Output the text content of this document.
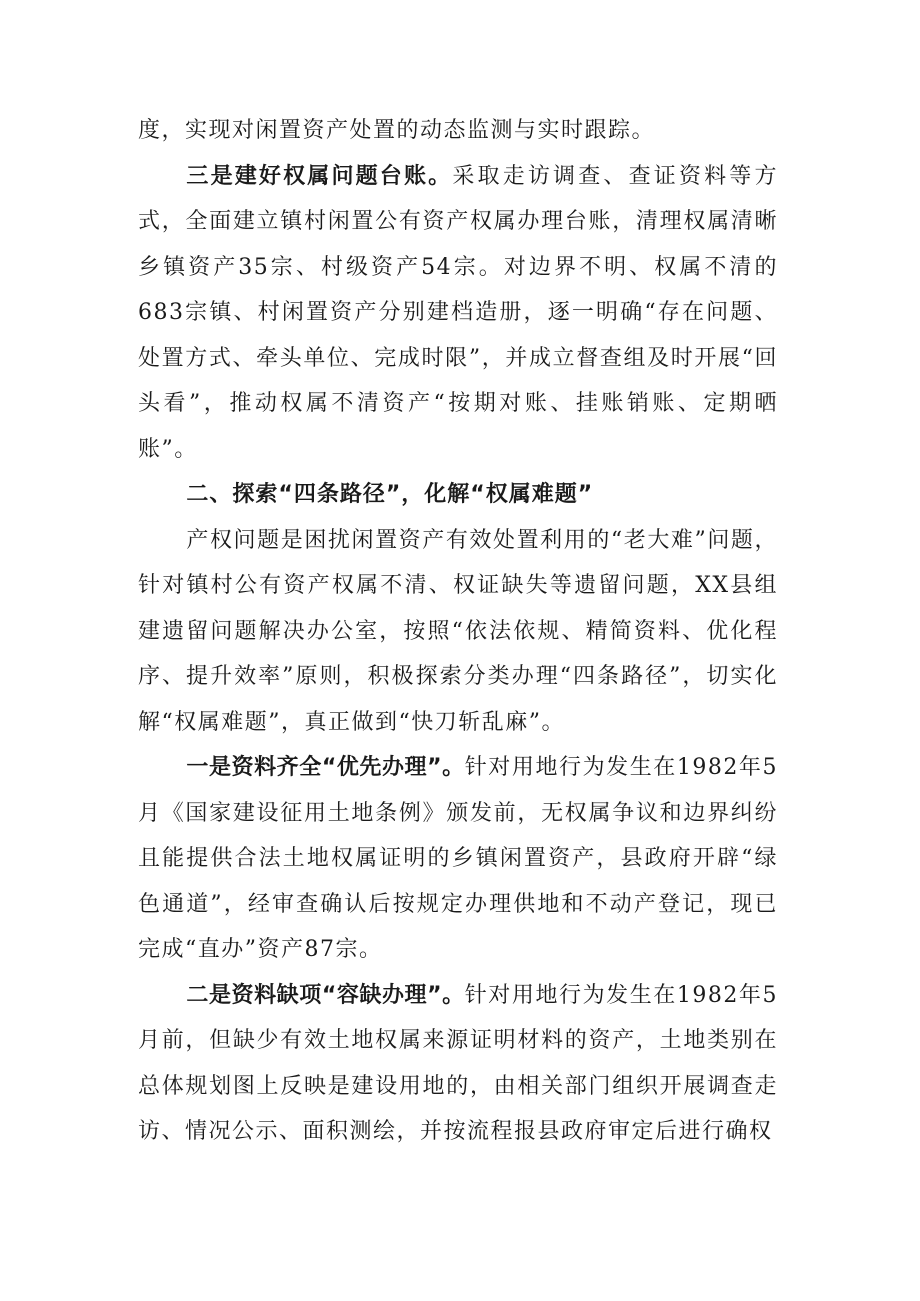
度，实现对闲置资产处置的动态监测与实时跟踪。

三是建好权属问题台账。采取走访调查、查证资料等方式，全面建立镇村闲置公有资产权属办理台账，清理权属清晰乡镇资产35宗、村级资产54宗。对边界不明、权属不清的683宗镇、村闲置资产分别建档造册，逐一明确“存在问题、处置方式、牵头单位、完成时限”，并成立督查组及时开展“回头看”，推动权属不清资产“按期对账、挂账销账、定期晒账”。

二、探索“四条路径”，化解“权属难题”

产权问题是困扰闲置资产有效处置利用的“老大难”问题，针对镇村公有资产权属不清、权证缺失等遗留问题，XX县组建遗留问题解决办公室，按照“依法依规、精简资料、优化程序、提升效率”原则，积极探索分类办理“四条路径”，切实化解“权属难题”，真正做到“快刀斩乱麻”。

一是资料齐全“优先办理”。针对用地行为发生在1982年5月《国家建设征用土地条例》颁发前，无权属争议和边界纠纷且能提供合法土地权属证明的乡镇闲置资产，县政府开辟“绿色通道”，经审查确认后按规定办理供地和不动产登记，现已完成“直办”资产87宗。

二是资料缺项“容缺办理”。针对用地行为发生在1982年5月前，但缺少有效土地权属来源证明材料的资产，土地类别在总体规划图上反映是建设用地的，由相关部门组织开展调查走访、情况公示、面积测绘，并按流程报县政府审定后进行确权
